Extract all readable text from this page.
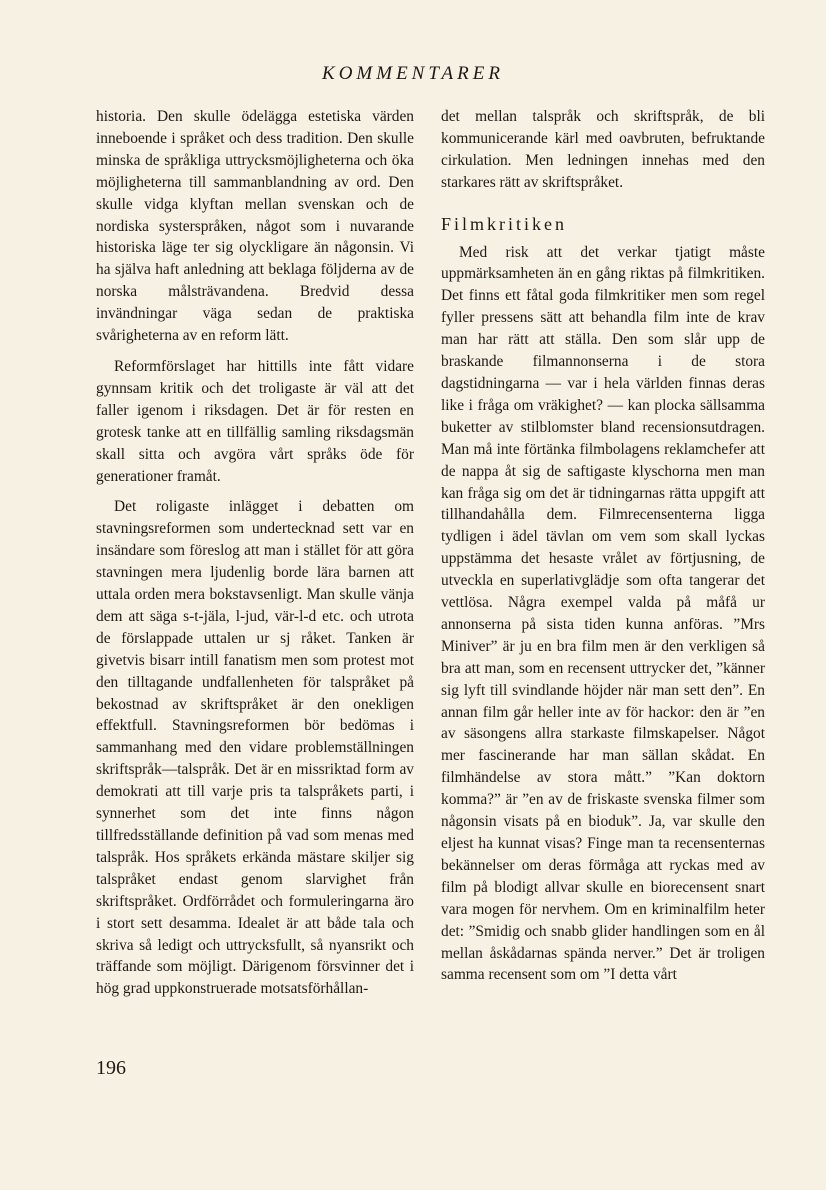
KOMMENTARER

historia. Den skulle ödelägga estetiska värden inneboende i språket och dess tradition. Den skulle minska de språkliga uttrycksmöjligheterna och öka möjligheterna till sammanblandning av ord. Den skulle vidga klyftan mellan svenskan och de nordiska systerspråken, något som i nuvarande historiska läge ter sig olyckligare än någonsin. Vi ha själva haft anledning att beklaga följderna av de norska målsträvandena. Bredvid dessa invändningar väga sedan de praktiska svårigheterna av en reform lätt.

Reformförslaget har hittills inte fått vidare gynnsam kritik och det troligaste är väl att det faller igenom i riksdagen. Det är för resten en grotesk tanke att en tillfällig samling riksdagsmän skall sitta och avgöra vårt språks öde för generationer framåt.

Det roligaste inlägget i debatten om stavningsreformen som undertecknad sett var en insändare som föreslog att man i stället för att göra stavningen mera ljudenlig borde lära barnen att uttala orden mera bokstavsenligt. Man skulle vänja dem att säga s-t-jäla, l-jud, vär-l-d etc. och utrota de förslappade uttalen ur sj råket. Tanken är givetvis bisarr intill fanatism men som protest mot den tilltagande undfallenheten för talspråket på bekostnad av skriftspråket är den onekligen effektfull. Stavningsreformen bör bedömas i sammanhang med den vidare problemställningen skriftspråk—talspråk. Det är en missriktad form av demokrati att till varje pris ta talspråkets parti, i synnerhet som det inte finns någon tillfredsställande definition på vad som menas med talspråk. Hos språkets erkända mästare skiljer sig talspråket endast genom slarvighet från skriftspråket. Ordförrådet och formuleringarna äro i stort sett desamma. Idealet är att både tala och skriva så ledigt och uttrycksfullt, så nyansrikt och träffande som möjligt. Därigenom försvinner det i hög grad uppkonstruerade motsatsförhållan-

det mellan talspråk och skriftspråk, de bli kommunicerande kärl med oavbruten, befruktande cirkulation. Men ledningen innehas med den starkares rätt av skriftspråket.

Filmkritiken

Med risk att det verkar tjatigt måste uppmärksamheten än en gång riktas på filmkritiken. Det finns ett fåtal goda filmkritiker men som regel fyller pressens sätt att behandla film inte de krav man har rätt att ställa. Den som slår upp de braskande filmannonserna i de stora dagstidningarna — var i hela världen finnas deras like i fråga om vräkighet? — kan plocka sällsamma buketter av stilblomster bland recensionsutdragen. Man må inte förtänka filmbolagens reklamchefer att de nappa åt sig de saftigaste klyschorna men man kan fråga sig om det är tidningarnas rätta uppgift att tillhandahålla dem. Filmrecensenterna ligga tydligen i ädel tävlan om vem som skall lyckas uppstämma det hesaste vrålet av förtjusning, de utveckla en superlativglädje som ofta tangerar det vettlösa. Några exempel valda på måfå ur annonserna på sista tiden kunna anföras. ”Mrs Miniver” är ju en bra film men är den verkligen så bra att man, som en recensent uttrycker det, ”känner sig lyft till svindlande höjder när man sett den”. En annan film går heller inte av för hackor: den är ”en av säsongens allra starkaste filmskapelser. Något mer fascinerande har man sällan skådat. En filmhändelse av stora mått.” ”Kan doktorn komma?” är ”en av de friskaste svenska filmer som någonsin visats på en bioduk”. Ja, var skulle den eljest ha kunnat visas? Finge man ta recensenternas bekännelser om deras förmåga att ryckas med av film på blodigt allvar skulle en biorecensent snart vara mogen för nervhem. Om en kriminalfilm heter det: ”Smidig och snabb glider handlingen som en ål mellan åskådarnas spända nerver.” Det är troligen samma recensent som om ”I detta vårt

196
